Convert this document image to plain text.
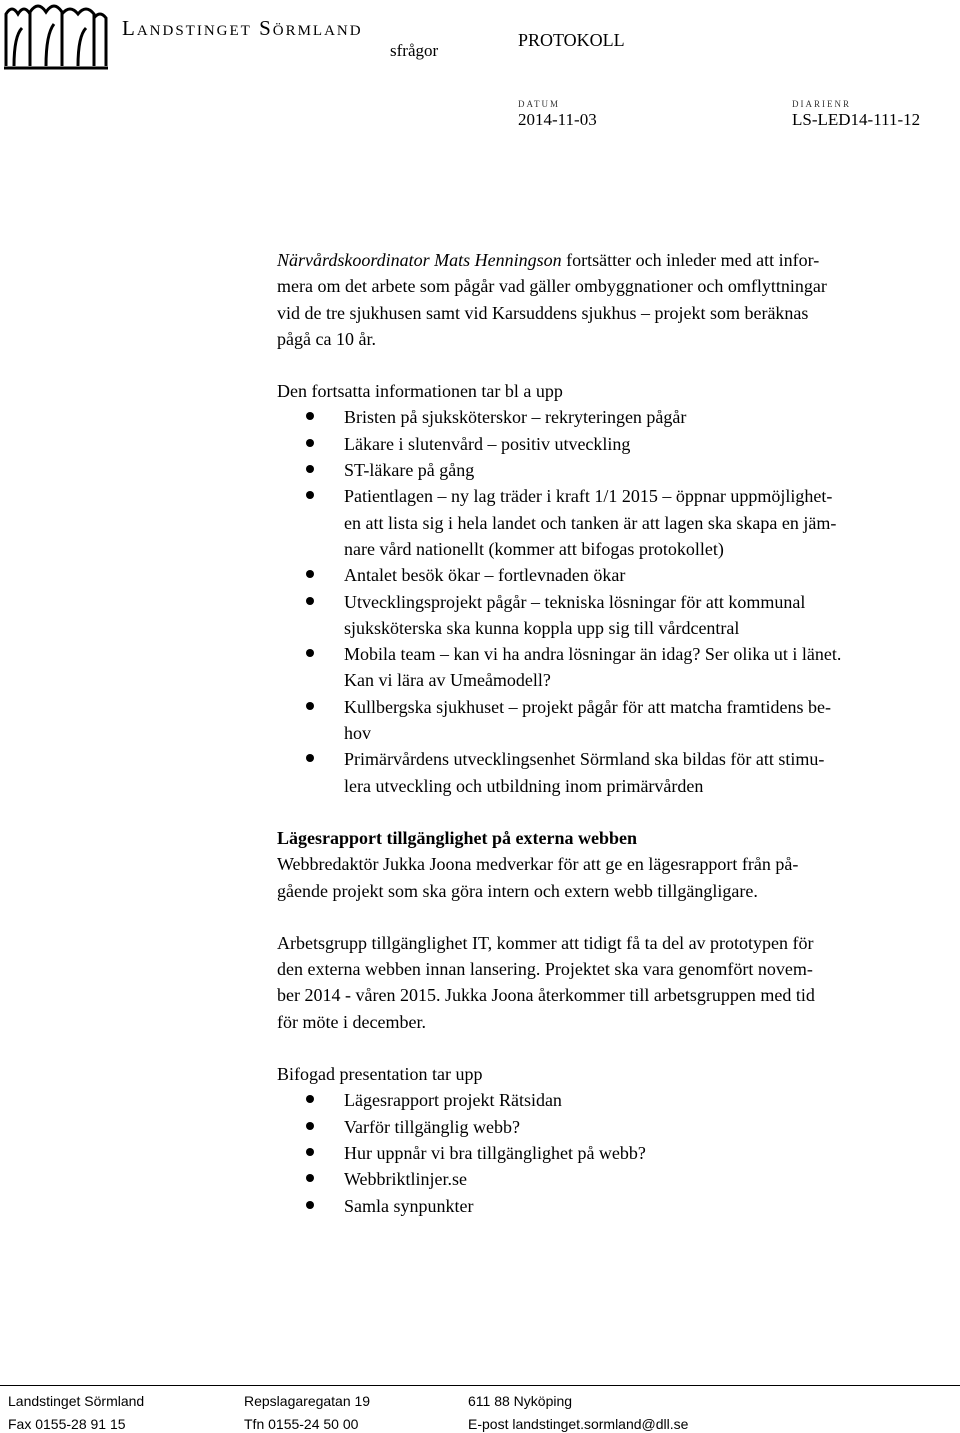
Landstinget Sörmland
sfrågor
PROTOKOLL
DATUM
2014-11-03
DIARIENR
LS-LED14-111-12

Närvårdskoordinator Mats Henningson fortsätter och inleder med att infor-
mera om det arbete som pågår vad gäller ombyggnationer och omflyttningar
vid de tre sjukhusen samt vid Karsuddens sjukhus – projekt som beräknas
pågå ca 10 år.

Den fortsatta informationen tar bl a upp

Bristen på sjuksköterskor – rekryteringen pågår
Läkare i slutenvård – positiv utveckling
ST-läkare på gång
Patientlagen – ny lag träder i kraft 1/1 2015 – öppnar uppmöjlighet-
en att lista sig i hela landet och tanken är att lagen ska skapa en jäm-
nare vård nationellt (kommer att bifogas protokollet)
Antalet besök ökar – fortlevnaden ökar
Utvecklingsprojekt pågår – tekniska lösningar för att kommunal
sjuksköterska ska kunna koppla upp sig till vårdcentral
Mobila team – kan vi ha andra lösningar än idag? Ser olika ut i länet.
Kan vi lära av Umeåmodell?
Kullbergska sjukhuset – projekt pågår för att matcha framtidens be-
hov
Primärvårdens utvecklingsenhet Sörmland ska bildas för att stimu-
lera utveckling och utbildning inom primärvården

Lägesrapport tillgänglighet på externa webben

Webbredaktör Jukka Joona medverkar för att ge en lägesrapport från på-
gående projekt som ska göra intern och extern webb tillgängligare.

Arbetsgrupp tillgänglighet IT, kommer att tidigt få ta del av prototypen för
den externa webben innan lansering. Projektet ska vara genomfört novem-
ber 2014 - våren 2015. Jukka Joona återkommer till arbetsgruppen med tid
för möte i december.

Bifogad presentation tar upp

Lägesrapport projekt Rätsidan
Varför tillgänglig webb?
Hur uppnår vi bra tillgänglighet på webb?
Webbriktlinjer.se
Samla synpunkter
Landstinget Sörmland
Fax 0155-28 91 15
Repslagaregatan 19
Tfn 0155-24 50 00
611 88 Nyköping
E-post landstinget.sormland@dll.se
